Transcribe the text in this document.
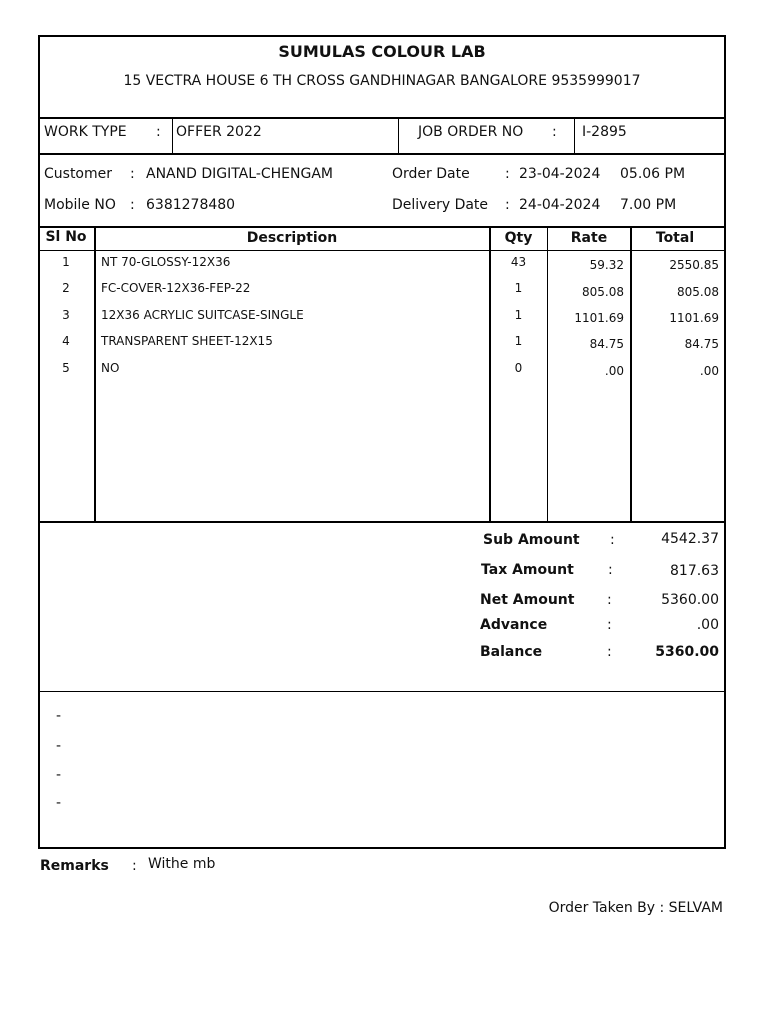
SUMULAS COLOUR LAB
15 VECTRA HOUSE 6 TH CROSS GANDHINAGAR BANGALORE 9535999017
WORK TYPE : OFFER 2022	JOB ORDER NO : I-2895
Customer : ANAND DIGITAL-CHENGAM	Order Date	: 23-04-2024 05.06 PM
Mobile NO : 6381278480	Delivery Date : 24-04-2024 7.00 PM
Sl No	Description	Qty	Rate	Total
1	NT 70-GLOSSY-12X36	43	59.32	2550.85
2	FC-COVER-12X36-FEP-22	1	805.08	805.08
3	12X36 ACRYLIC SUITCASE-SINGLE	1	1101.69	1101.69
4	TRANSPARENT SHEET-12X15	1	84.75	84.75
5	NO	0	.00	.00
Sub Amount :	4542.37
Tax Amount :	817.63
Net Amount :	5360.00
Advance	:	.00
Balance	:	5360.00
-
-
-
-
Remarks : Withe mb
Order Taken By : SELVAM
